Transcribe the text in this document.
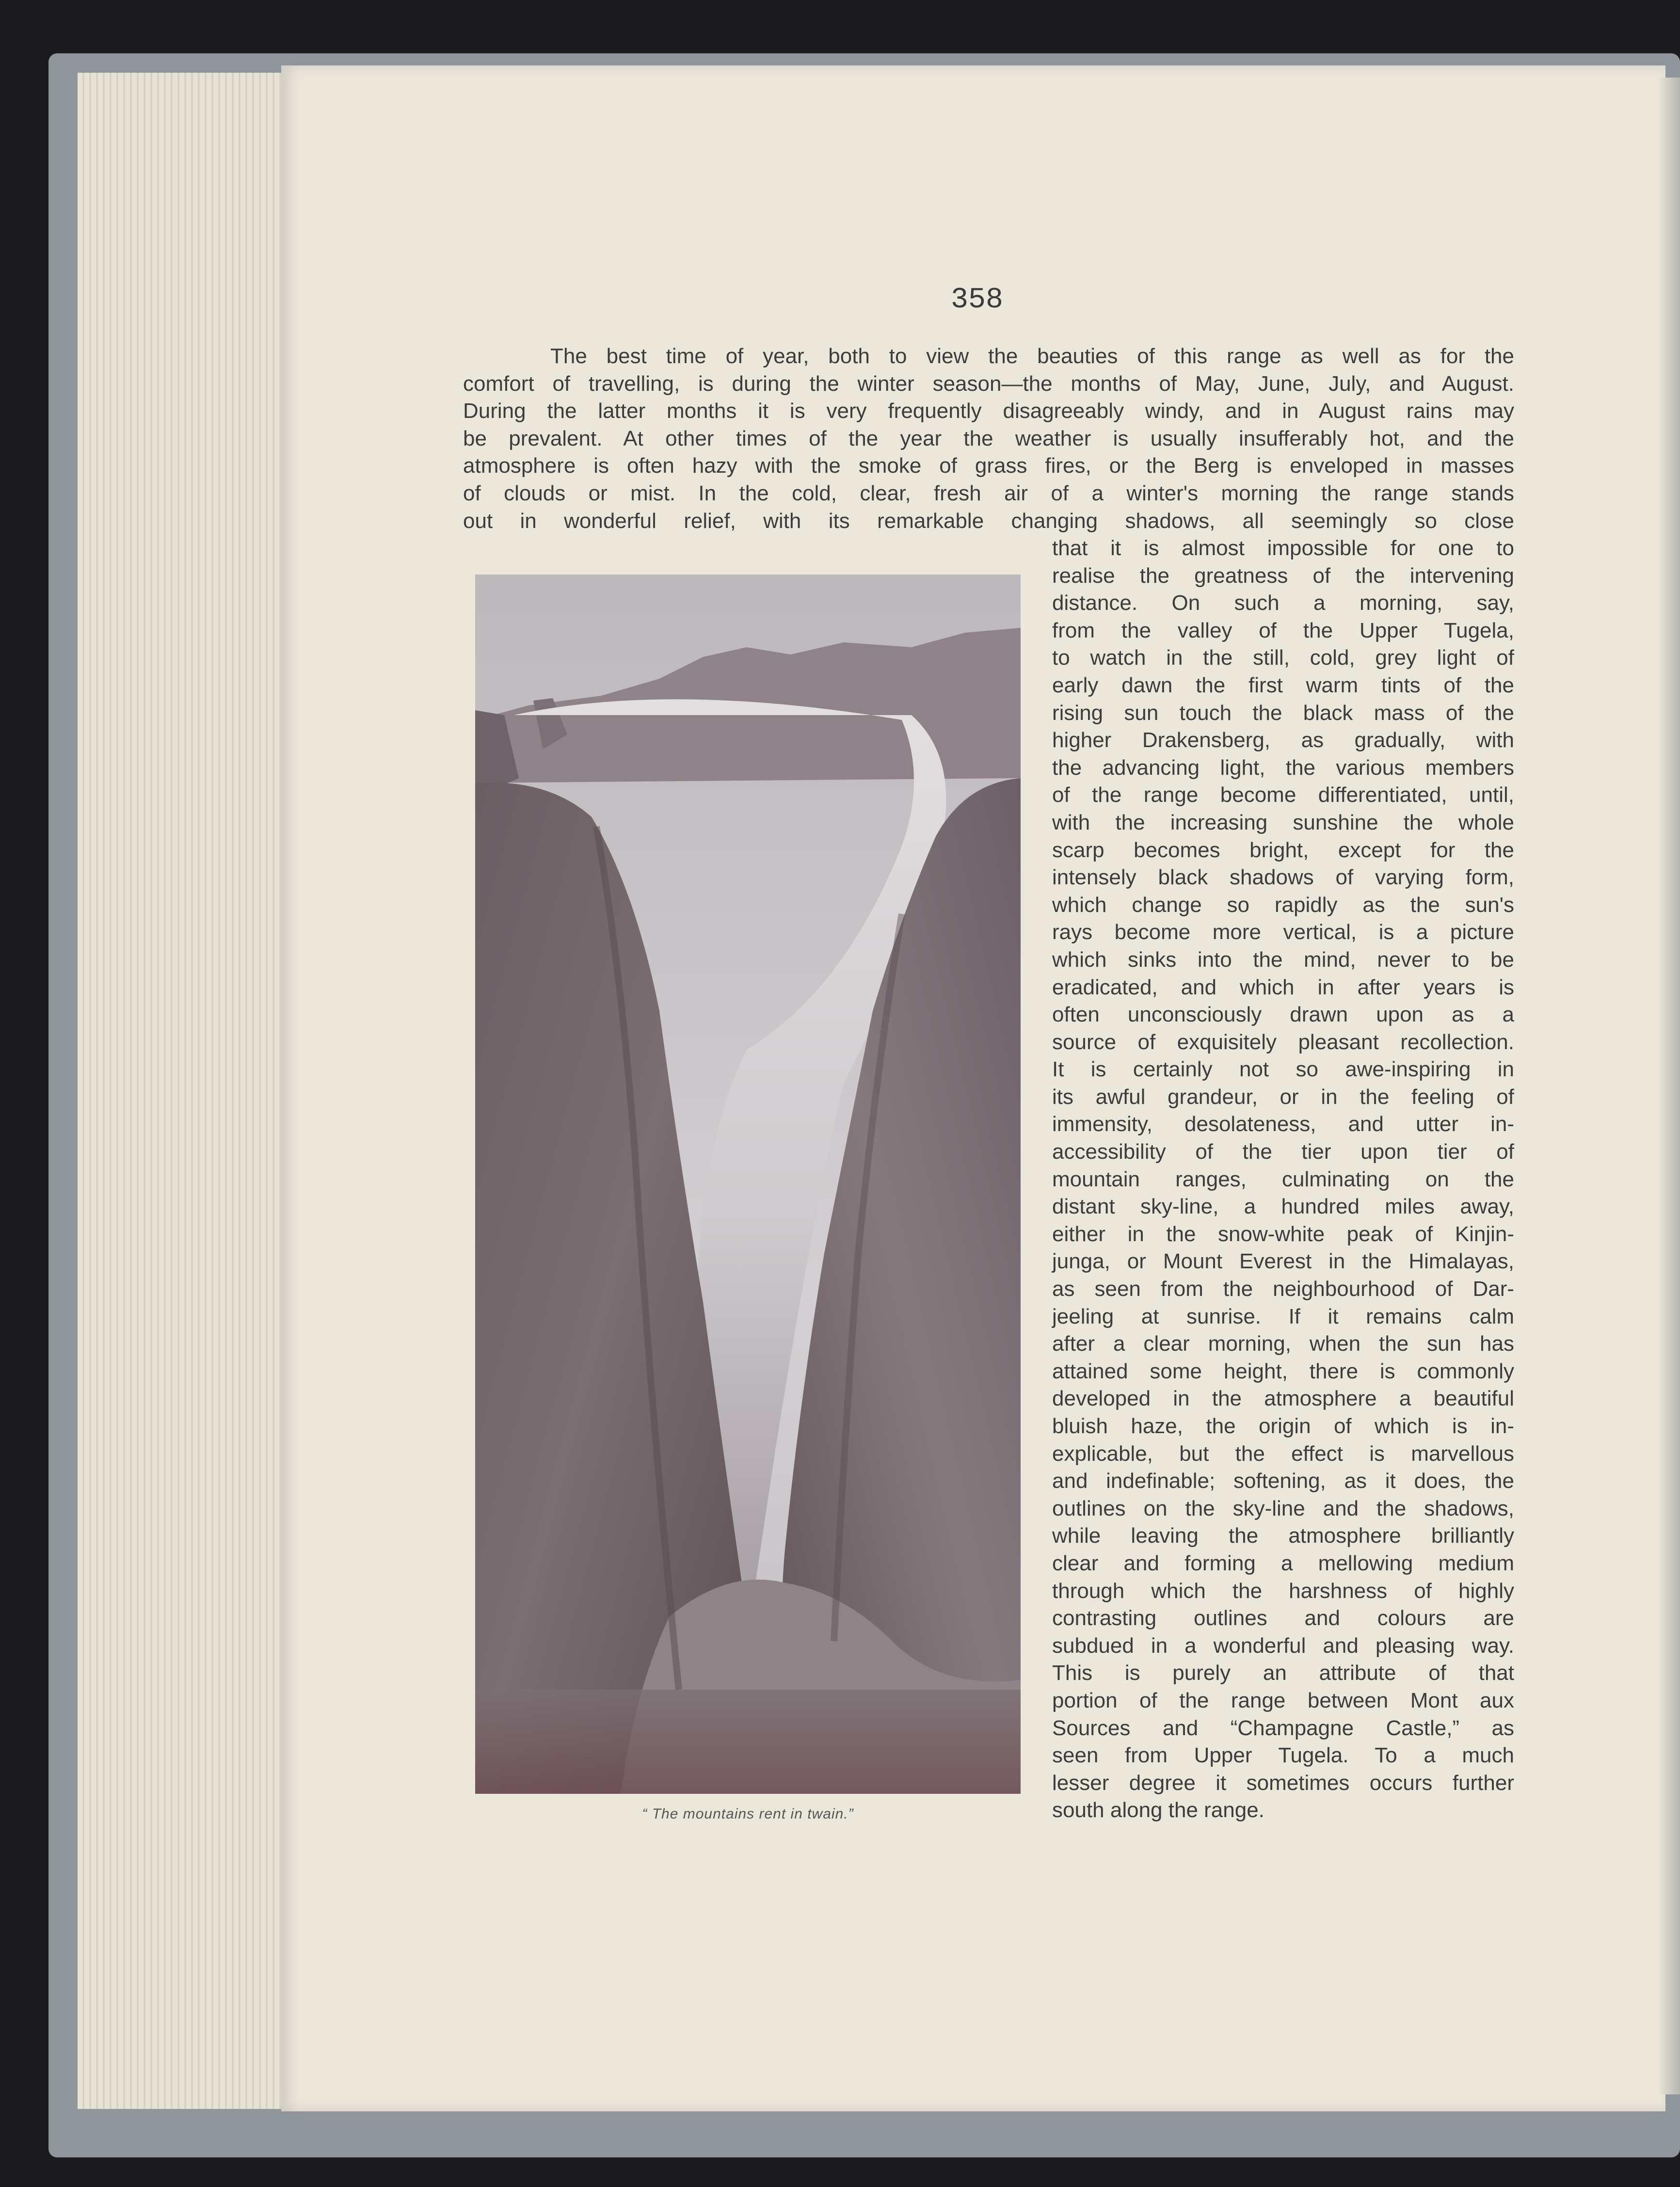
358
The best time of year, both to view the beauties of this range as well as for the
comfort of travelling, is during the winter season—the months of May, June, July, and August.
During the latter months it is very frequently disagreeably windy, and in August rains may
be prevalent. At other times of the year the weather is usually insufferably hot, and the
atmosphere is often hazy with the smoke of grass fires, or the Berg is enveloped in masses
of clouds or mist. In the cold, clear, fresh air of a winter's morning the range stands
out in wonderful relief, with its remarkable changing shadows, all seemingly so close
“ The mountains rent in twain.”
that it is almost impossible for one to
realise the greatness of the intervening
distance. On such a morning, say,
from the valley of the Upper Tugela,
to watch in the still, cold, grey light of
early dawn the first warm tints of the
rising sun touch the black mass of the
higher Drakensberg, as gradually, with
the advancing light, the various members
of the range become differentiated, until,
with the increasing sunshine the whole
scarp becomes bright, except for the
intensely black shadows of varying form,
which change so rapidly as the sun's
rays become more vertical, is a picture
which sinks into the mind, never to be
eradicated, and which in after years is
often unconsciously drawn upon as a
source of exquisitely pleasant recollection.
It is certainly not so awe-inspiring in
its awful grandeur, or in the feeling of
immensity, desolateness, and utter in-
accessibility of the tier upon tier of
mountain ranges, culminating on the
distant sky-line, a hundred miles away,
either in the snow-white peak of Kinjin-
junga, or Mount Everest in the Himalayas,
as seen from the neighbourhood of Dar-
jeeling at sunrise. If it remains calm
after a clear morning, when the sun has
attained some height, there is commonly
developed in the atmosphere a beautiful
bluish haze, the origin of which is in-
explicable, but the effect is marvellous
and indefinable; softening, as it does, the
outlines on the sky-line and the shadows,
while leaving the atmosphere brilliantly
clear and forming a mellowing medium
through which the harshness of highly
contrasting outlines and colours are
subdued in a wonderful and pleasing way.
This is purely an attribute of that
portion of the range between Mont aux
Sources and “Champagne Castle,” as
seen from Upper Tugela. To a much
lesser degree it sometimes occurs further
south along the range.
